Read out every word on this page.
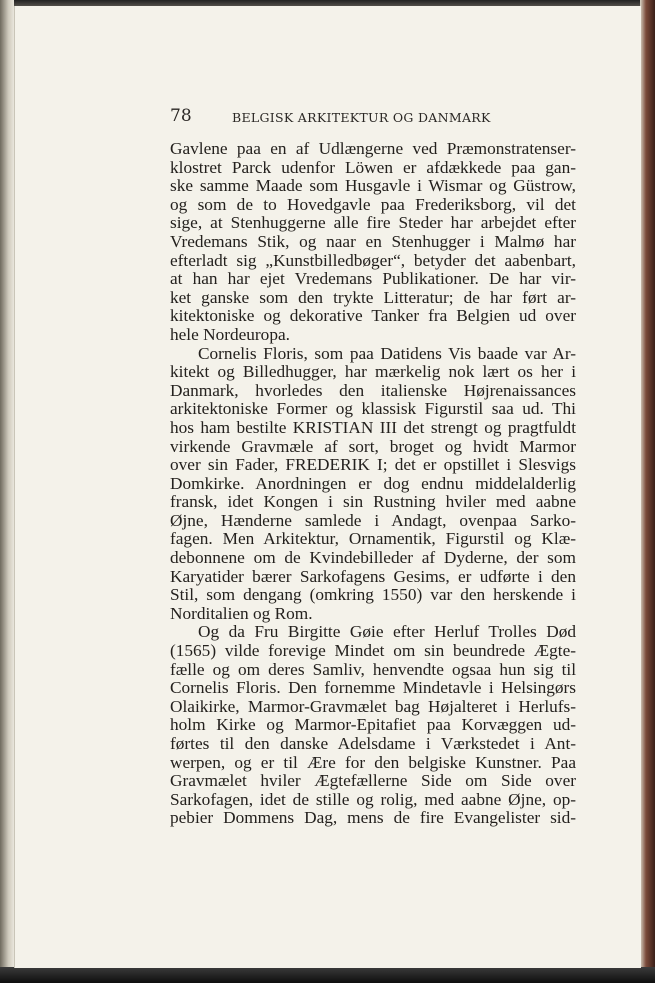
78	BELGISK ARKITEKTUR OG DANMARK
Gavlene paa en af Udlængerne ved Præmonstratenser-
klostret Parck udenfor Löwen er afdækkede paa gan-
ske samme Maade som Husgavle i Wismar og Güstrow,
og som de to Hovedgavle paa Frederiksborg, vil det
sige, at Stenhuggerne alle fire Steder har arbejdet efter
Vredemans Stik, og naar en Stenhugger i Malmø har
efterladt sig „Kunstbilledbøger“, betyder det aabenbart,
at han har ejet Vredemans Publikationer. De har vir-
ket ganske som den trykte Litteratur; de har ført ar-
kitektoniske og dekorative Tanker fra Belgien ud over
hele Nordeuropa.
Cornelis Floris, som paa Datidens Vis baade var Ar-
kitekt og Billedhugger, har mærkelig nok lært os her i
Danmark, hvorledes den italienske Højrenaissances
arkitektoniske Former og klassisk Figurstil saa ud. Thi
hos ham bestilte KRISTIAN III det strengt og pragtfuldt
virkende Gravmæle af sort, broget og hvidt Marmor
over sin Fader, FREDERIK I; det er opstillet i Slesvigs
Domkirke. Anordningen er dog endnu middelalderlig
fransk, idet Kongen i sin Rustning hviler med aabne
Øjne, Hænderne samlede i Andagt, ovenpaa Sarko-
fagen. Men Arkitektur, Ornamentik, Figurstil og Klæ-
debonnene om de Kvindebilleder af Dyderne, der som
Karyatider bærer Sarkofagens Gesims, er udførte i den
Stil, som dengang (omkring 1550) var den herskende i
Norditalien og Rom.
Og da Fru Birgitte Gøie efter Herluf Trolles Død
(1565) vilde forevige Mindet om sin beundrede Ægte-
fælle og om deres Samliv, henvendte ogsaa hun sig til
Cornelis Floris. Den fornemme Mindetavle i Helsingørs
Olaikirke, Marmor-Gravmælet bag Højalteret i Herlufs-
holm Kirke og Marmor-Epitafiet paa Korvæggen ud-
førtes til den danske Adelsdame i Værkstedet i Ant-
werpen, og er til Ære for den belgiske Kunstner. Paa
Gravmælet hviler Ægtefællerne Side om Side over
Sarkofagen, idet de stille og rolig, med aabne Øjne, op-
pebier Dommens Dag, mens de fire Evangelister sid-
